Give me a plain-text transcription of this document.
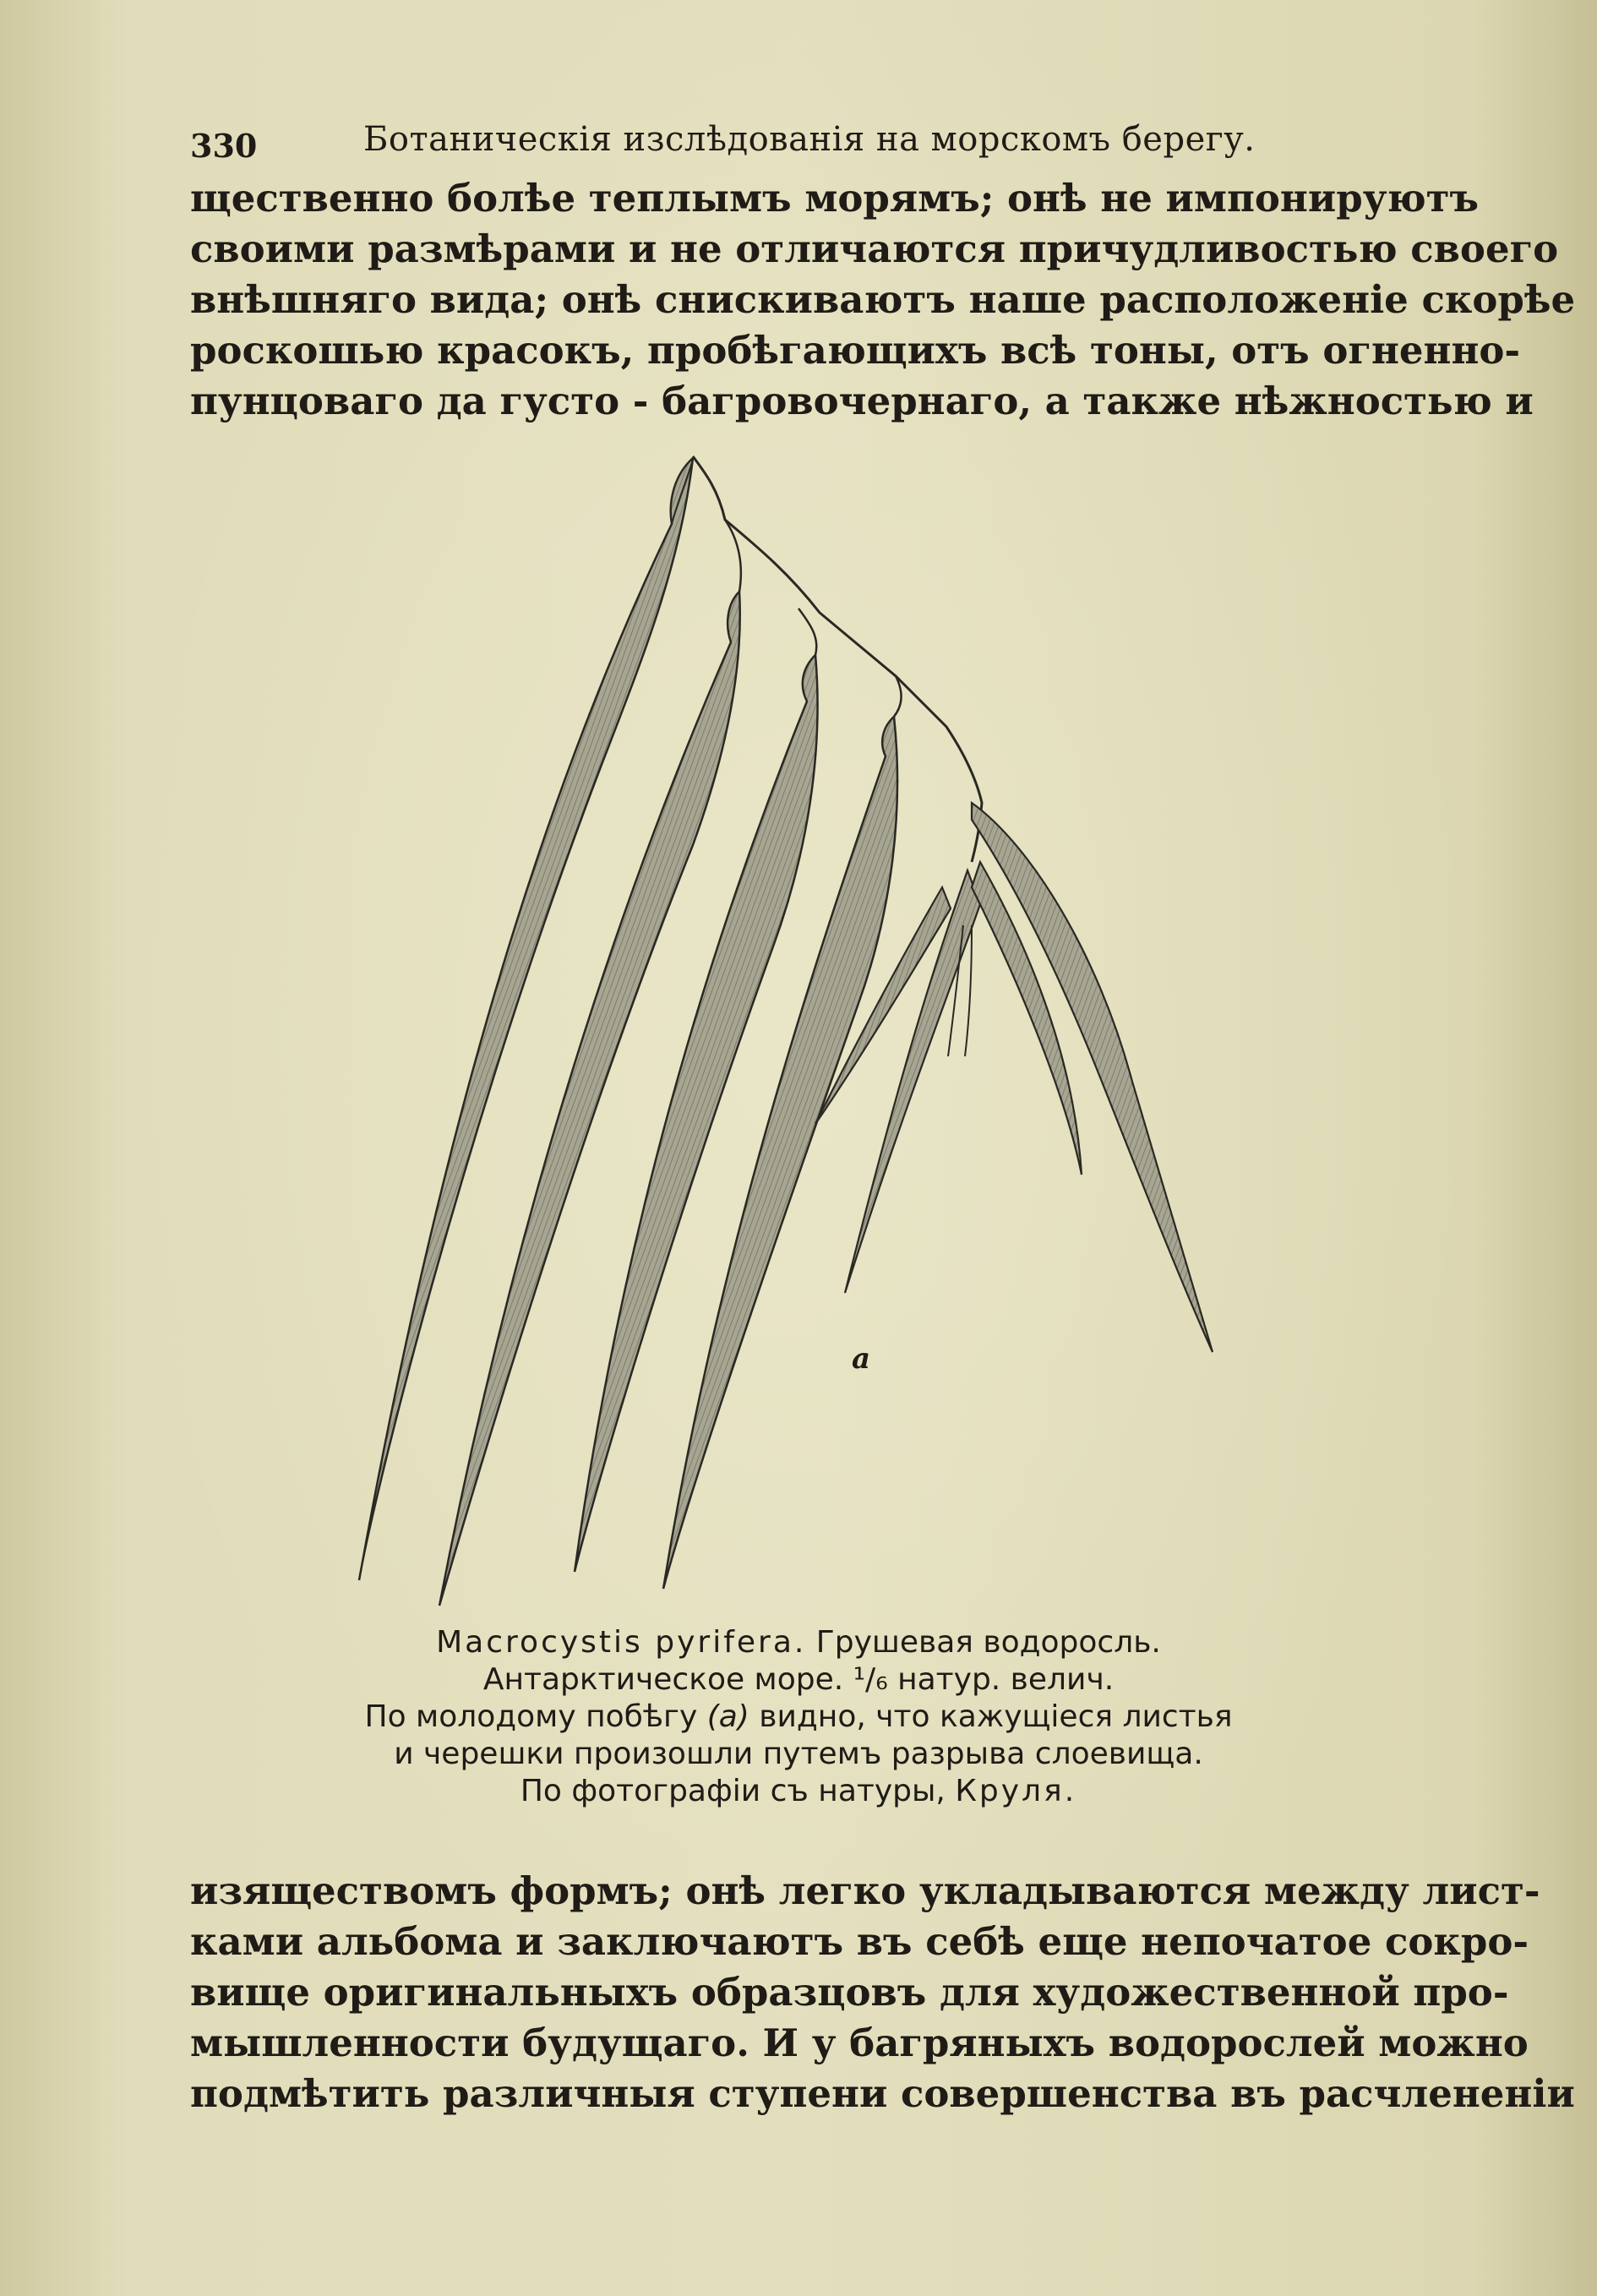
330	Ботаническія изслѣдованія на морскомъ берегу.
щественно болѣе теплымъ морямъ; онѣ не импонируютъ
своими размѣрами и не отличаются причудливостью своего
внѣшняго вида; онѣ снискиваютъ наше расположеніе скорѣе
роскошью красокъ, пробѣгающихъ всѣ тоны, отъ огненно-
пунцоваго да густо - багровочернаго, а также нѣжностью и
a
Macrocystis pyrifera. Грушевая водоросль.
Антарктическое море. ¹/₆ натур. велич.
По молодому побѣгу (a) видно, что кажущіеся листья
и черешки произошли путемъ разрыва слоевища.
По фотографіи съ натуры, Круля.
изяществомъ формъ; онѣ легко укладываются между лист-
ками альбома и заключаютъ въ себѣ еще непочатое сокро-
вище оригинальныхъ образцовъ для художественной про-
мышленности будущаго. И у багряныхъ водорослей можно
подмѣтить различныя ступени совершенства въ расчлененіи
